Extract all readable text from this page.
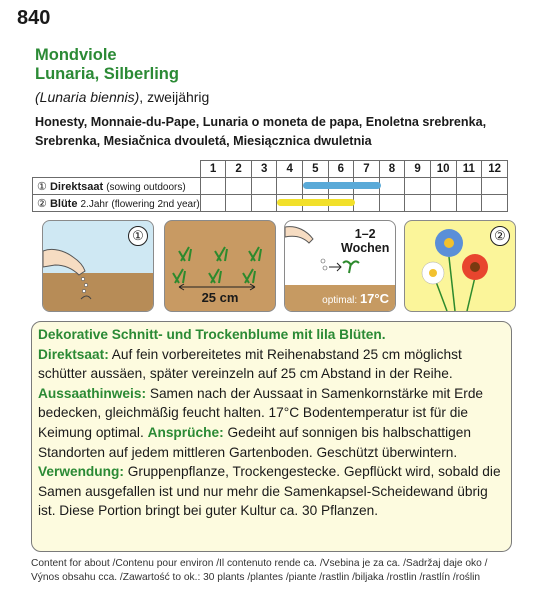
840
Mondviole
Lunaria, Silberling
(Lunaria biennis), zweijährig
Honesty, Monnaie-du-Pape, Lunaria o moneta de papa, Enoletna srebrenka,
Srebrenka, Mesiačnica dvouletá, Miesiącznica dwuletnia
	1	2	3	4	5	6	7	8	9	10	11	12
① Direktsaat (sowing outdoors)					

② Blüte 2.Jahr (flowering 2nd year)				

①
25 cm
1–2
Wochen
optimal: 17°C
②

Dekorative Schnitt- und Trockenblume mit lila Blüten.
Direktsaat: Auf fein vorbereitetes mit Reihenabstand 25 cm möglichst schütter aussäen, später vereinzeln auf 25 cm Abstand in der Reihe.
Aussaathinweis: Samen nach der Aussaat in Samenkornstärke mit Erde bedecken, gleichmäßig feucht halten. 17°C Bodentemperatur ist für die Keimung optimal. Ansprüche: Gedeiht auf sonnigen bis halbschattigen Standorten auf jedem mittleren Gartenboden. Geschützt überwintern.
Verwendung: Gruppenpflanze, Trockengestecke. Gepflückt wird, sobald die Samen ausgefallen ist und nur mehr die Samenkapsel-Scheidewand übrig ist. Diese Portion bringt bei guter Kultur ca. 30 Pflanzen.

Content for about /Contenu pour environ /Il contenuto rende ca. /Vsebina je za ca. /Sadržaj daje oko /
Výnos obsahu cca. /Zawartość to ok.: 30 plants /plantes /piante /rastlin /biljaka /rostlin /rastlín /roślin
